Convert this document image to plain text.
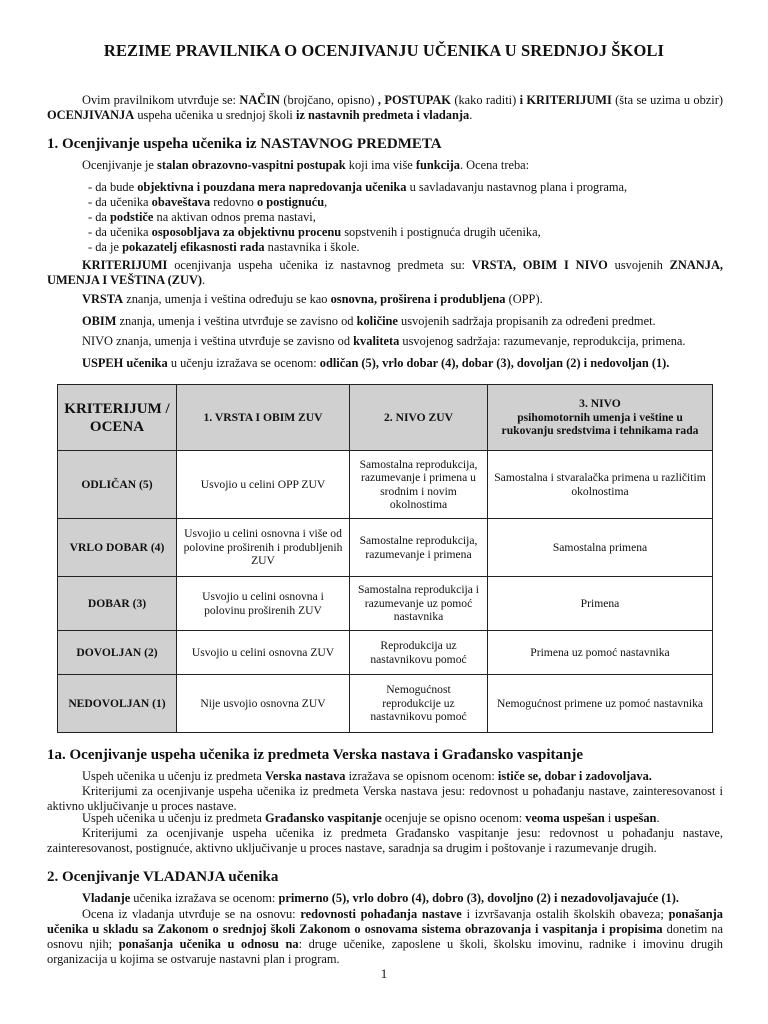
REZIME PRAVILNIKA O OCENJIVANJU UČENIKA U SREDNJOJ ŠKOLI

Ovim pravilnikom utvrđuje se: NAČIN (brojčano, opisno) , POSTUPAK (kako raditi) i KRITERIJUMI (šta se uzima u obzir) OCENJIVANJA uspeha učenika u srednjoj školi iz nastavnih predmeta i vladanja.

1. Ocenjivanje uspeha učenika iz NASTAVNOG PREDMETA

Ocenjivanje je stalan obrazovno-vaspitni postupak koji ima više funkcija. Ocena treba:

- da bude objektivna i pouzdana mera napredovanja učenika u savladavanju nastavnog plana i programa,
- da učenika obaveštava redovno o postignuću,
- da podstiče na aktivan odnos prema nastavi,
- da učenika osposobljava za objektivnu procenu sopstvenih i postignuća drugih učenika,
- da je pokazatelj efikasnosti rada nastavnika i škole.

KRITERIJUMI ocenjivanja uspeha učenika iz nastavnog predmeta su: VRSTA, OBIM I NIVO usvojenih ZNANJA, UMENJA I VEŠTINA (ZUV).

VRSTA znanja, umenja i veština određuju se kao osnovna, proširena i produbljena (OPP).

OBIM znanja, umenja i veština utvrđuje se zavisno od količine usvojenih sadržaja propisanih za određeni predmet.

NIVO znanja, umenja i veština utvrđuje se zavisno od kvaliteta usvojenog sadržaja: razumevanje, reprodukcija, primena.

USPEH učenika u učenju izražava se ocenom: odličan (5), vrlo dobar (4), dobar (3), dovoljan (2) i nedovoljan (1).

KRITERIJUM / OCENA	1. VRSTA I OBIM ZUV	2. NIVO ZUV	3. NIVO
psihomotornih umenja i veštine u rukovanju sredstvima i tehnikama rada

ODLIČAN (5)	Usvojio u celini OPP ZUV	Samostalna reprodukcija, razumevanje i primena u srodnim i novim okolnostima	Samostalna i stvaralačka primena u različitim okolnostima
VRLO DOBAR (4)	Usvojio u celini osnovna i više od polovine proširenih i produbljenih ZUV	Samostalne reprodukcija, razumevanje i primena	Samostalna primena
DOBAR (3)	Usvojio u celini osnovna i polovinu proširenih ZUV	Samostalna reprodukcija i razumevanje uz pomoć nastavnika	Primena
DOVOLJAN (2)	Usvojio u celini osnovna ZUV	Reprodukcija uz nastavnikovu pomoć	Primena uz pomoć nastavnika
NEDOVOLJAN (1)	Nije usvojio osnovna ZUV	Nemogućnost reprodukcije uz nastavnikovu pomoć	Nemogućnost primene uz pomoć nastavnika
1a. Ocenjivanje uspeha učenika iz predmeta Verska nastava i Građansko vaspitanje

Uspeh učenika u učenju iz predmeta Verska nastava izražava se opisnom ocenom: ističe se, dobar i zadovoljava.

Kriterijumi za ocenjivanje uspeha učenika iz predmeta Verska nastava jesu: redovnost u pohađanju nastave, zainteresovanost i aktivno uključivanje u proces nastave.

Uspeh učenika u učenju iz predmeta Građansko vaspitanje ocenjuje se opisno ocenom: veoma uspešan i uspešan.

Kriterijumi za ocenjivanje uspeha učenika iz predmeta Građansko vaspitanje jesu: redovnost u pohađanju nastave, zainteresovanost, postignuće, aktivno uključivanje u proces nastave, saradnja sa drugim i poštovanje i razumevanje drugih.

2. Ocenjivanje VLADANJA učenika

Vladanje učenika izražava se ocenom: primerno (5), vrlo dobro (4), dobro (3), dovoljno (2) i nezadovoljavajuće (1).

Ocena iz vladanja utvrđuje se na osnovu: redovnosti pohađanja nastave i izvršavanja ostalih školskih obaveza; ponašanja učenika u skladu sa Zakonom o srednjoj školi Zakonom o osnovama sistema obrazovanja i vaspitanja i propisima donetim na osnovu njih; ponašanja učenika u odnosu na: druge učenike, zaposlene u školi, školsku imovinu, radnike i imovinu drugih organizacija u kojima se ostvaruje nastavni plan i program.

1
